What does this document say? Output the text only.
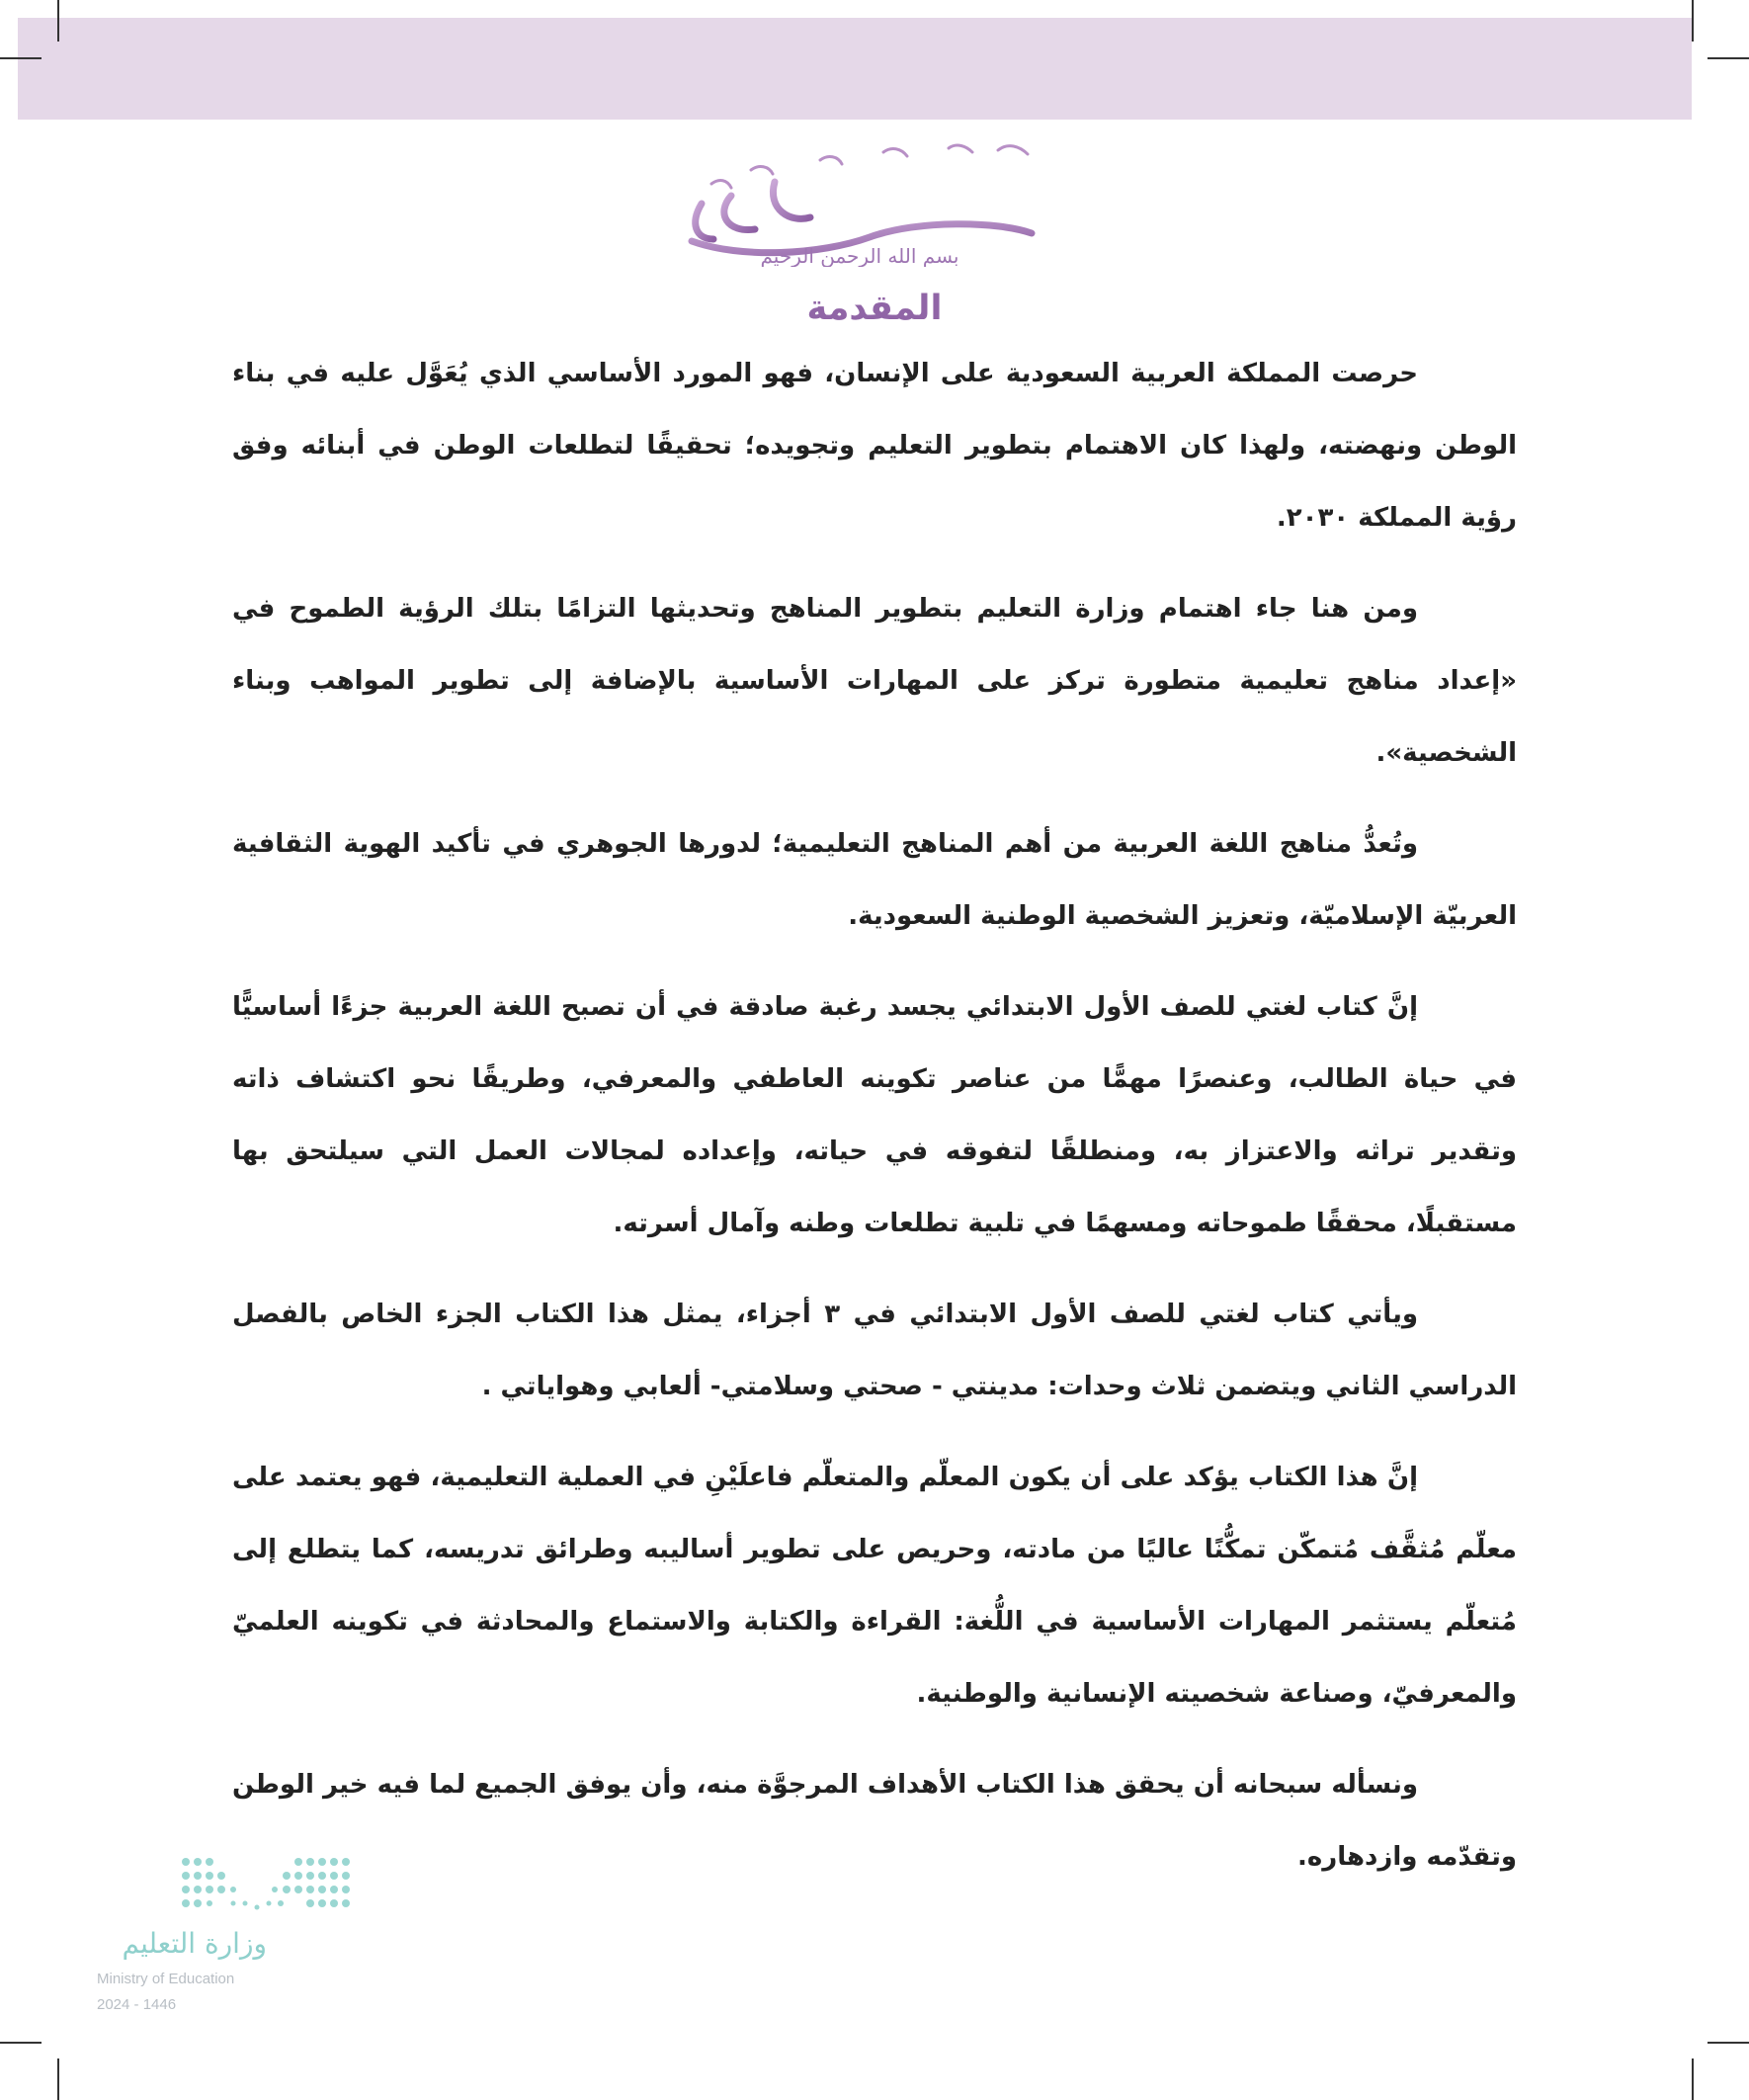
بسم الله الرحمن الرحيم
المقدمة

حرصت المملكة العربية السعودية على الإنسان، فهو المورد الأساسي الذي يُعَوَّل عليه في بناء الوطن ونهضته، ولهذا كان الاهتمام بتطوير التعليم وتجويده؛ تحقيقًا لتطلعات الوطن في أبنائه وفق رؤية المملكة ٢٠٣٠.

ومن هنا جاء اهتمام وزارة التعليم بتطوير المناهج وتحديثها التزامًا بتلك الرؤية الطموح في «إعداد مناهج تعليمية متطورة تركز على المهارات الأساسية بالإضافة إلى تطوير المواهب وبناء الشخصية».

وتُعدُّ مناهج اللغة العربية من أهم المناهج التعليمية؛ لدورها الجوهري في تأكيد الهوية الثقافية العربيّة الإسلاميّة، وتعزيز الشخصية الوطنية السعودية.

إنَّ كتاب لغتي للصف الأول الابتدائي يجسد رغبة صادقة في أن تصبح اللغة العربية جزءًا أساسيًّا في حياة الطالب، وعنصرًا مهمًّا من عناصر تكوينه العاطفي والمعرفي، وطريقًا نحو اكتشاف ذاته وتقدير تراثه والاعتزاز به، ومنطلقًا لتفوقه في حياته، وإعداده لمجالات العمل التي سيلتحق بها مستقبلًا، محققًا طموحاته ومسهمًا في تلبية تطلعات وطنه وآمال أسرته.

ويأتي كتاب لغتي للصف الأول الابتدائي في ٣ أجزاء، يمثل هذا الكتاب الجزء الخاص بالفصل الدراسي الثاني ويتضمن ثلاث وحدات: مدينتي - صحتي وسلامتي- ألعابي وهواياتي .

إنَّ هذا الكتاب يؤكد على أن يكون المعلّم والمتعلّم فاعلَيْنِ في العملية التعليمية، فهو يعتمد على معلّم مُثقَّف مُتمكّن تمكُّنًا عاليًا من مادته، وحريص على تطوير أساليبه وطرائق تدريسه، كما يتطلع إلى مُتعلّم يستثمر المهارات الأساسية في اللُّغة: القراءة والكتابة والاستماع والمحادثة في تكوينه العلميّ والمعرفيّ، وصناعة شخصيته الإنسانية والوطنية.

ونسأله سبحانه أن يحقق هذا الكتاب الأهداف المرجوَّة منه، وأن يوفق الجميع لما فيه خير الوطن وتقدّمه وازدهاره.

وزارة التعليم
Ministry of Education
2024 - 1446
